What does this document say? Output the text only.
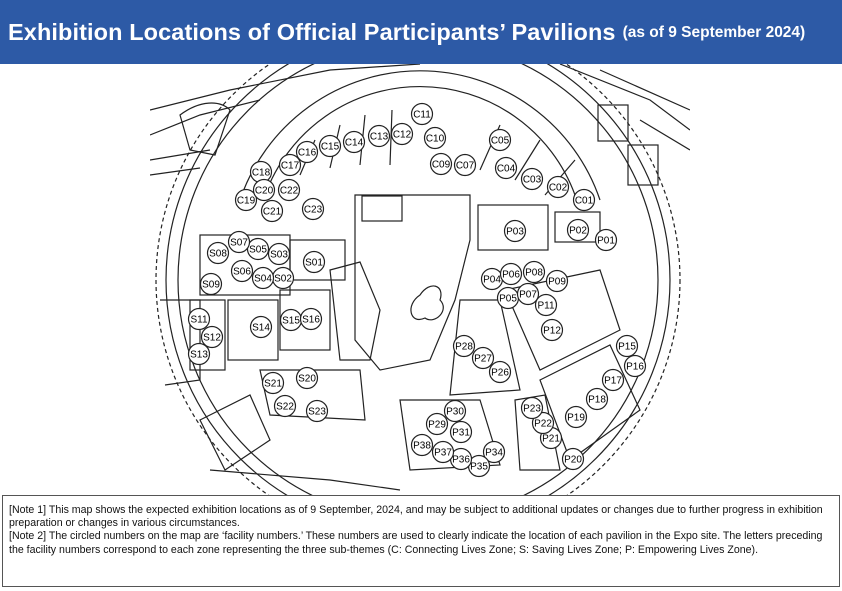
Exhibition Locations of Official Participants’ Pavilions (as of 9 September 2024)
C01
C02
C03
C04
C05
C07
C09
C10
C11
C12
C13
C14
C15
C16
C17
C18
C19
C20
C21
C22
C23
S01
S02
S03
S04
S05
S06
S07
S08
S09
S11
S12
S13
S14
S15 S16
S20
S21
S22 S23
P01
P02
P03
P04
P05
P06
P07
P08
P09
P11
P12
P15
P16
P17
P18
P19
P20
P21
P22
P23
P26
P27
P28
P29
P30
P31
P34
P35
P36
P37
P38

[Note 1] This map shows the expected exhibition locations as of 9 September, 2024, and may be subject to additional updates or changes due to further progress in exhibition preparation or changes in various circumstances.

[Note 2] The circled numbers on the map are ‘facility numbers.’ These numbers are used to clearly indicate the location of each pavilion in the Expo site. The letters preceding the facility numbers correspond to each zone representing the three sub-themes (C: Connecting Lives Zone; S: Saving Lives Zone; P: Empowering Lives Zone).
